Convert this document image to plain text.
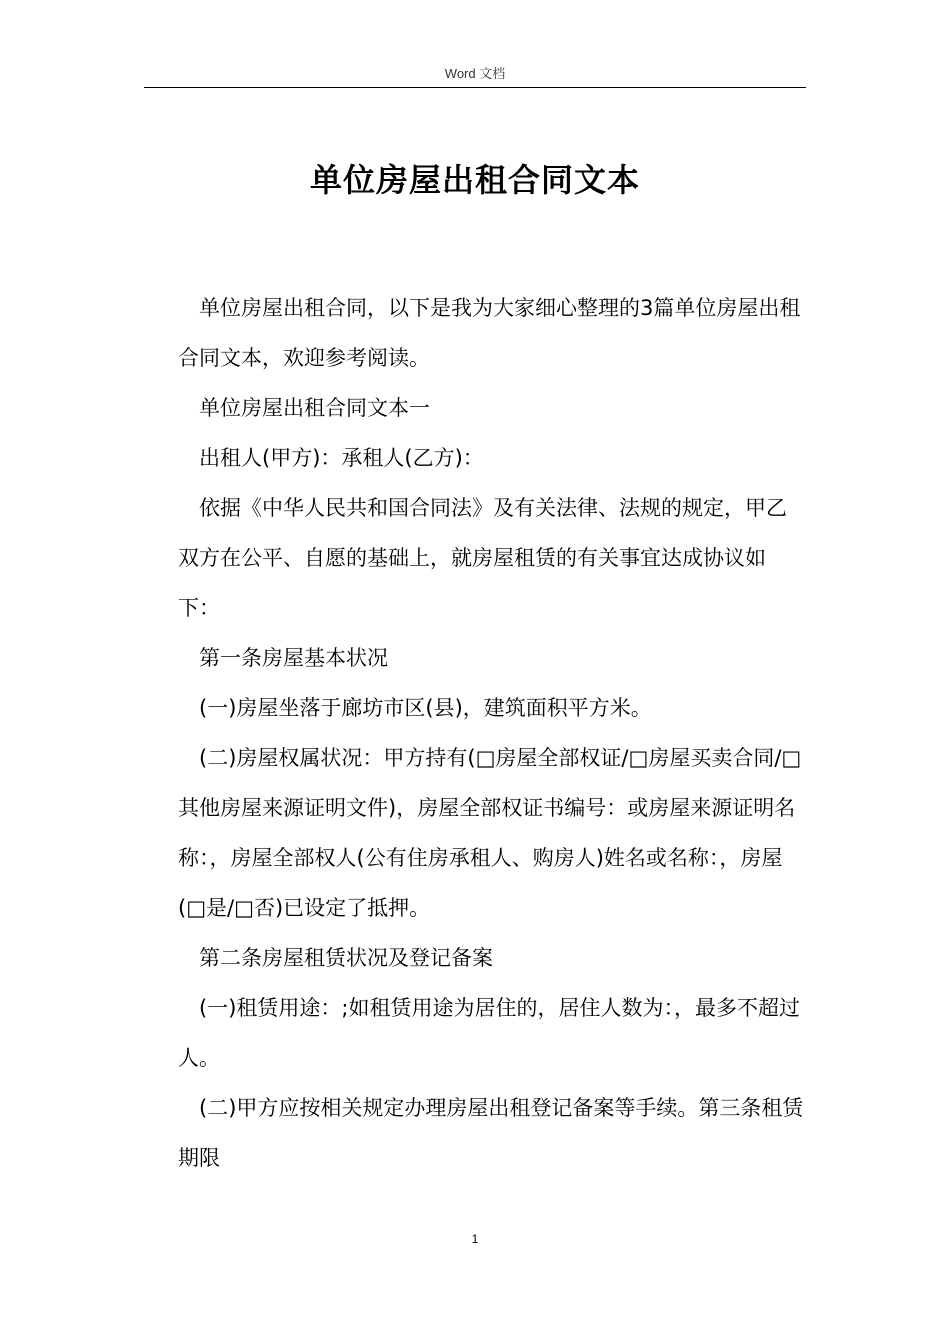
Word 文档
单位房屋出租合同文本

单位房屋出租合同，以下是我为大家细心整理的3篇单位房屋出租合同文本，欢迎参考阅读。

单位房屋出租合同文本一

出租人(甲方)：承租人(乙方)：

依据《中华人民共和国合同法》及有关法律、法规的规定，甲乙双方在公平、自愿的基础上，就房屋租赁的有关事宜达成协议如下：

第一条房屋基本状况

(一)房屋坐落于廊坊市区(县)，建筑面积平方米。

(二)房屋权属状况：甲方持有(□房屋全部权证/□房屋买卖合同/□其他房屋来源证明文件)，房屋全部权证书编号：或房屋来源证明名称：，房屋全部权人(公有住房承租人、购房人)姓名或名称：，房屋(□是/□否)已设定了抵押。

第二条房屋租赁状况及登记备案

(一)租赁用途：;如租赁用途为居住的，居住人数为：，最多不超过人。

(二)甲方应按相关规定办理房屋出租登记备案等手续。第三条租赁期限

1
